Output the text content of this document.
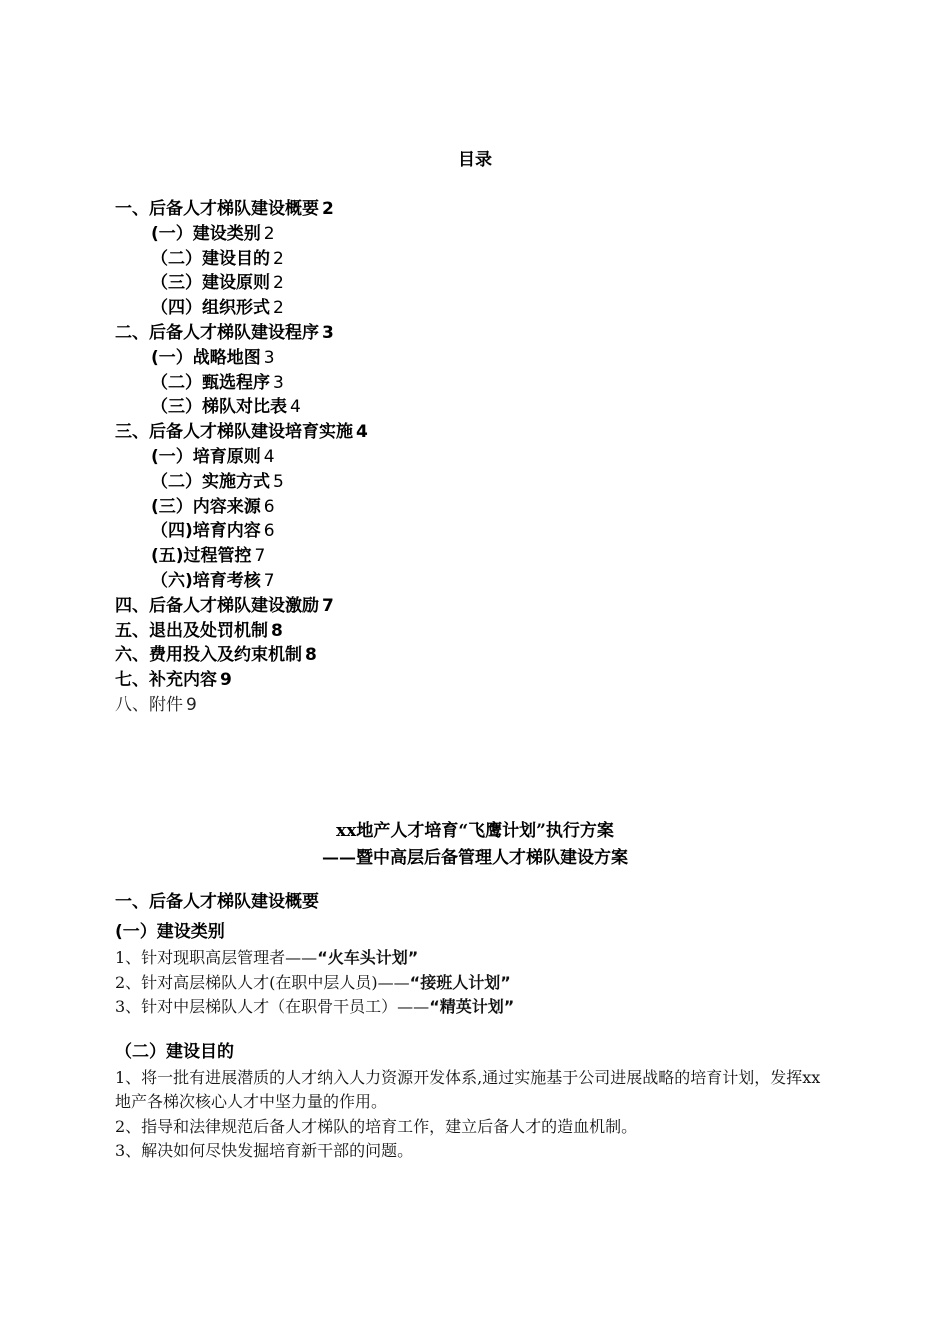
目录
一、后备人才梯队建设概要 2
(一）建设类别 2
（二）建设目的 2
（三）建设原则 2
（四）组织形式 2
二、后备人才梯队建设程序 3
(一）战略地图 3
（二）甄选程序 3
（三）梯队对比表 4
三、后备人才梯队建设培育实施 4
(一）培育原则 4
（二）实施方式 5
(三）内容来源 6
（四)培育内容 6
(五)过程管控 7
（六)培育考核 7
四、后备人才梯队建设激励 7
五、退出及处罚机制 8
六、费用投入及约束机制 8
七、补充内容 9
八、附件 9
xx地产人才培育“飞鹰计划”执行方案
——暨中高层后备管理人才梯队建设方案
一、后备人才梯队建设概要
(一）建设类别
1、针对现职高层管理者——“火车头计划”
2、针对高层梯队人才(在职中层人员)——“接班人计划”
3、针对中层梯队人才（在职骨干员工）——“精英计划”
（二）建设目的
1、将一批有进展潜质的人才纳入人力资源开发体系,通过实施基于公司进展战略的培育计划，发挥xx地产各梯次核心人才中坚力量的作用。
2、指导和法律规范后备人才梯队的培育工作，建立后备人才的造血机制。
3、解决如何尽快发掘培育新干部的问题。
